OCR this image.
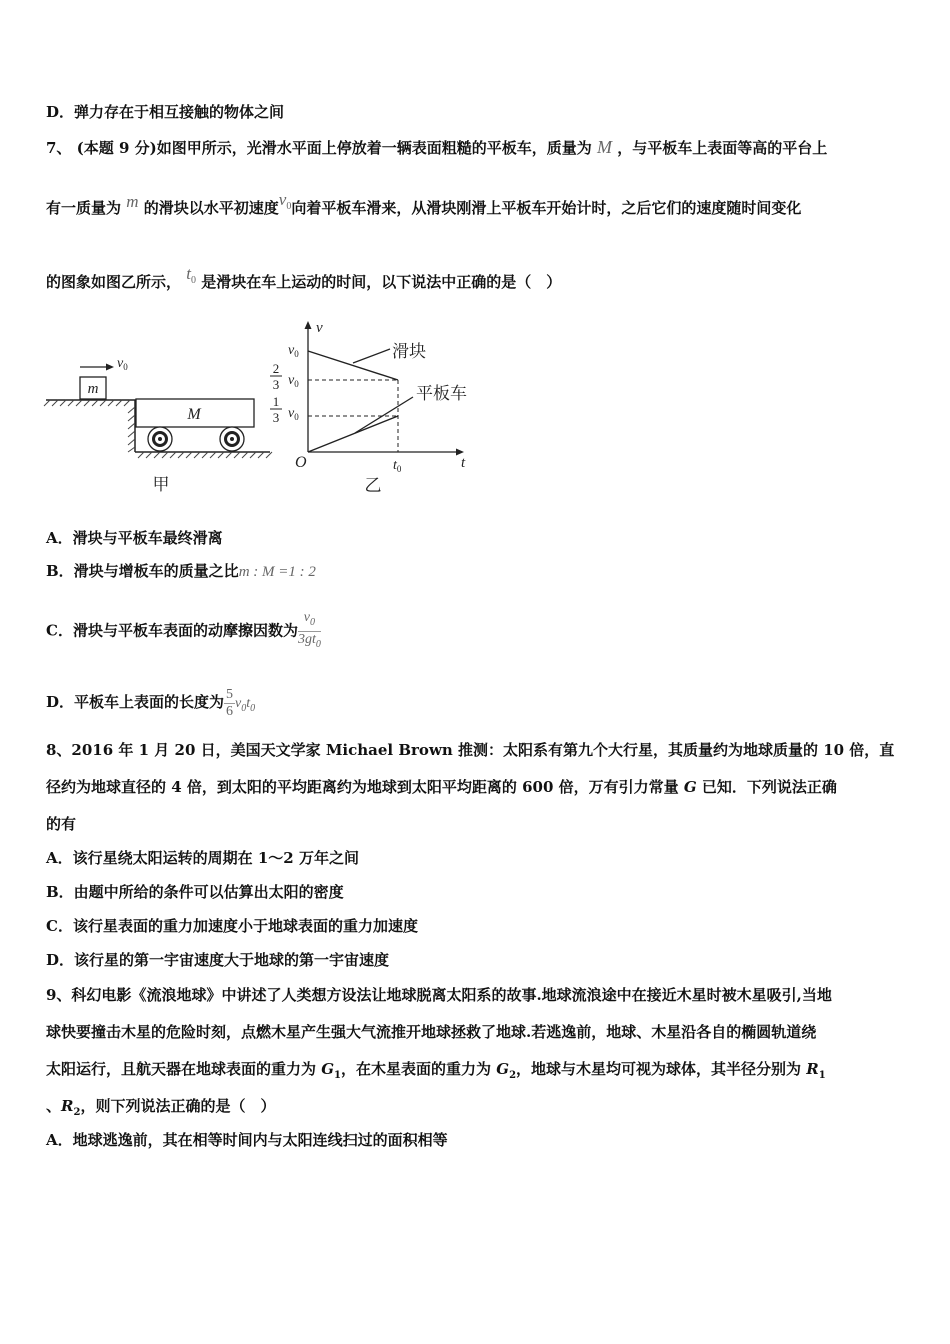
D．弹力存在于相互接触的物体之间
7、 (本题 9 分)如图甲所示，光滑水平面上停放着一辆表面粗糙的平板车，质量为 M ，与平板车上表面等高的平台上
有一质量为 m 的滑块以水平初速度$v_0$向着平板车滑来，从滑块刚滑上平板车开始计时，之后它们的速度随时间变化
的图象如图乙所示， $t_0$ 是滑块在车上运动的时间，以下说法中正确的是（　）
m
$v_0$
M
甲
v
t
O
$v_0$
2
3 $v_0$
1
3 $v_0$
滑块
平板车
$t_0$
乙
A．滑块与平板车最终滑离
B．滑块与增板车的质量之比m : M =1 : 2
C．滑块与平板车表面的动摩擦因数为 $\frac{v_0}{3gt_0}$
D．平板车上表面的长度为 $\frac{5}{6} v_0t_0$
8、2016 年 1 月 20 日，美国天文学家 Michael Brown 推测：太阳系有第九个大行星，其质量约为地球质量的 10 倍，直
径约为地球直径的 4 倍，到太阳的平均距离约为地球到太阳平均距离的 600 倍，万有引力常量 G 已知．下列说法正确
的有
A．该行星绕太阳运转的周期在 1～2 万年之间
B．由题中所给的条件可以估算出太阳的密度
C．该行星表面的重力加速度小于地球表面的重力加速度
D．该行星的第一宇宙速度大于地球的第一宇宙速度
9、科幻电影《流浪地球》中讲述了人类想方设法让地球脱离太阳系的故事.地球流浪途中在接近木星时被木星吸引,当地
球快要撞击木星的危险时刻，点燃木星产生强大气流推开地球拯救了地球.若逃逸前，地球、木星沿各自的椭圆轨道绕
太阳运行，且航天器在地球表面的重力为 $G_1$，在木星表面的重力为 $G_2$，地球与木星均可视为球体，其半径分别为 $R_1$
、$R_2$，则下列说法正确的是（　）
A．地球逃逸前，其在相等时间内与太阳连线扫过的面积相等
